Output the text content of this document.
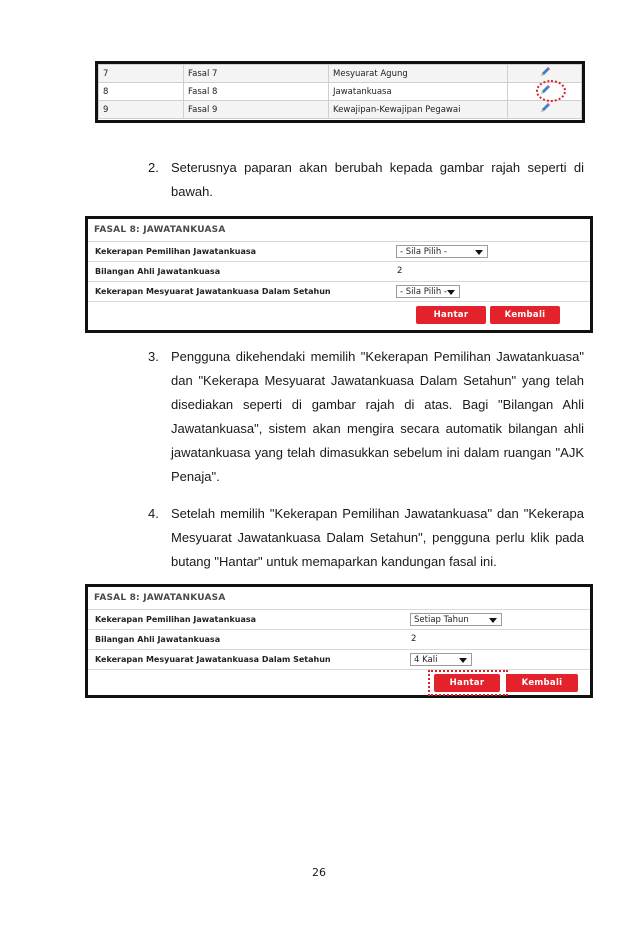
7	Fasal 7	Mesyuarat Agung	
8	Fasal 8	Jawatankuasa	
9	Fasal 9	Kewajipan-Kewajipan Pegawai	
2. Seterusnya paparan akan berubah kepada gambar rajah seperti di bawah.
FASAL 8: JAWATANKUASA
Kekerapan Pemilihan Jawatankuasa	- Sila Pilih -
Bilangan Ahli Jawatankuasa	2
Kekerapan Mesyuarat Jawatankuasa Dalam Setahun	- Sila Pilih -
Hantar	Kembali
3. Pengguna dikehendaki memilih "Kekerapan Pemilihan Jawatankuasa" dan "Kekerapa Mesyuarat Jawatankuasa Dalam Setahun" yang telah disediakan seperti di gambar rajah di atas. Bagi "Bilangan Ahli Jawatankuasa", sistem akan mengira secara automatik bilangan ahli jawatankuasa yang telah dimasukkan sebelum ini dalam ruangan "AJK Penaja".
4. Setelah memilih "Kekerapan Pemilihan Jawatankuasa" dan "Kekerapa Mesyuarat Jawatankuasa Dalam Setahun", pengguna perlu klik pada butang "Hantar" untuk memaparkan kandungan fasal ini.
FASAL 8: JAWATANKUASA
Kekerapan Pemilihan Jawatankuasa	Setiap Tahun
Bilangan Ahli Jawatankuasa	2
Kekerapan Mesyuarat Jawatankuasa Dalam Setahun	4 Kali
Hantar	Kembali
26
